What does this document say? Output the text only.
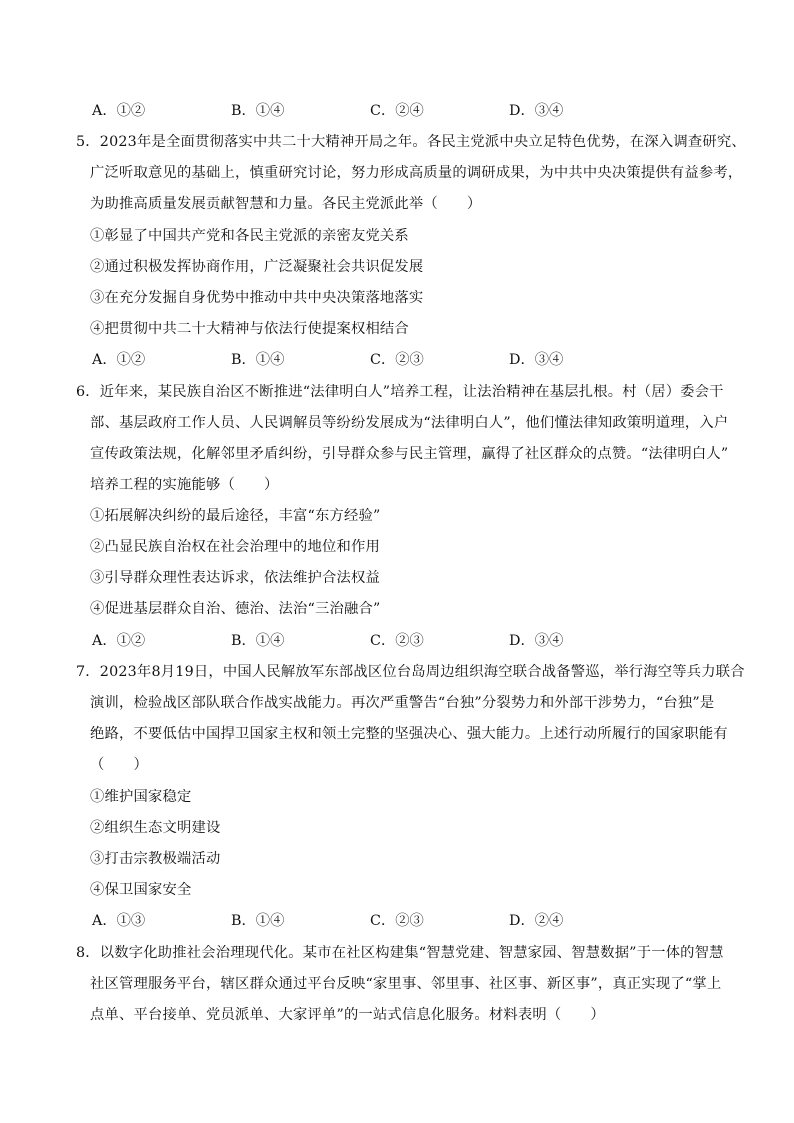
A．①②	B．①④	C．②④	D．③④
5．2023年是全面贯彻落实中共二十大精神开局之年。各民主党派中央立足特色优势，在深入调查研究、
广泛听取意见的基础上，慎重研究讨论，努力形成高质量的调研成果，为中共中央决策提供有益参考，
为助推高质量发展贡献智慧和力量。各民主党派此举（　　）
①彰显了中国共产党和各民主党派的亲密友党关系
②通过积极发挥协商作用，广泛凝聚社会共识促发展
③在充分发掘自身优势中推动中共中央决策落地落实
④把贯彻中共二十大精神与依法行使提案权相结合
A．①②	B．①④	C．②③	D．③④
6．近年来，某民族自治区不断推进“法律明白人”培养工程，让法治精神在基层扎根。村（居）委会干
部、基层政府工作人员、人民调解员等纷纷发展成为“法律明白人”，他们懂法律知政策明道理，入户
宣传政策法规，化解邻里矛盾纠纷，引导群众参与民主管理，赢得了社区群众的点赞。“法律明白人”
培养工程的实施能够（　　）
①拓展解决纠纷的最后途径，丰富“东方经验”
②凸显民族自治权在社会治理中的地位和作用
③引导群众理性表达诉求，依法维护合法权益
④促进基层群众自治、德治、法治“三治融合”
A．①②	B．①④	C．②③	D．③④
7．2023年8月19日，中国人民解放军东部战区位台岛周边组织海空联合战备警巡，举行海空等兵力联合
演训，检验战区部队联合作战实战能力。再次严重警告“台独”分裂势力和外部干涉势力，“台独”是
绝路，不要低估中国捍卫国家主权和领土完整的坚强决心、强大能力。上述行动所履行的国家职能有
（　　）
①维护国家稳定
②组织生态文明建设
③打击宗教极端活动
④保卫国家安全
A．①③	B．①④	C．②③	D．②④
8．以数字化助推社会治理现代化。某市在社区构建集“智慧党建、智慧家园、智慧数据”于一体的智慧
社区管理服务平台，辖区群众通过平台反映“家里事、邻里事、社区事、新区事”，真正实现了“掌上
点单、平台接单、党员派单、大家评单”的一站式信息化服务。材料表明（　　）
